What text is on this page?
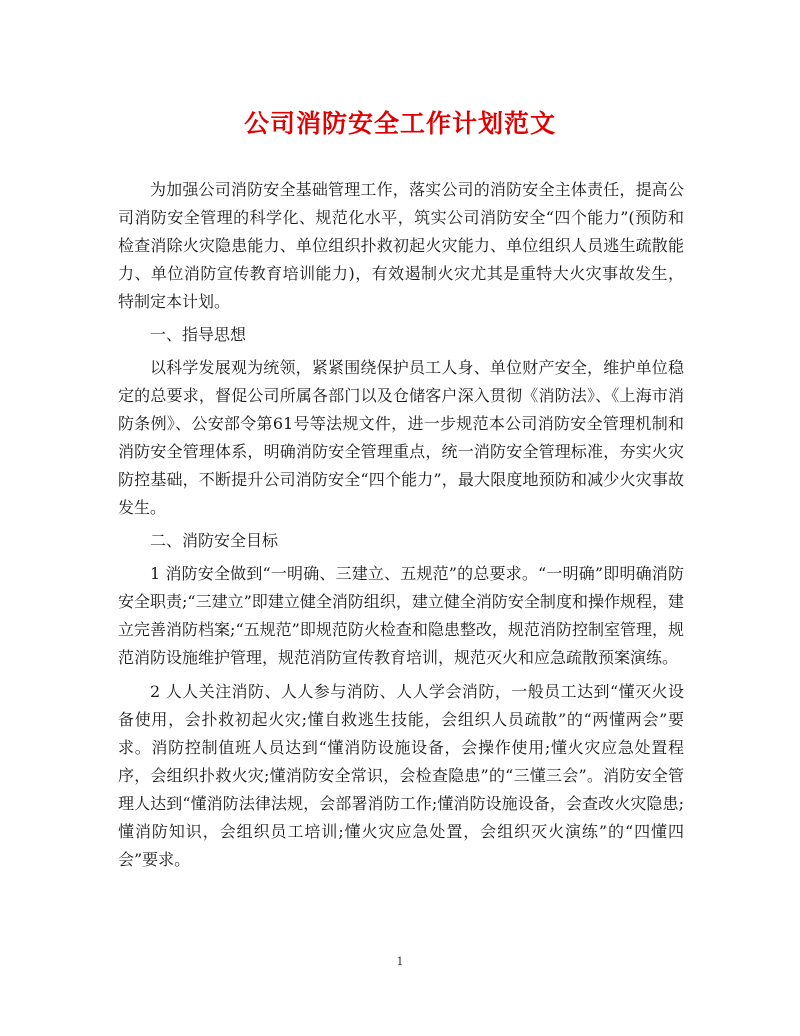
公司消防安全工作计划范文

为加强公司消防安全基础管理工作，落实公司的消防安全主体责任，提高公司消防安全管理的科学化、规范化水平，筑实公司消防安全“四个能力”(预防和检查消除火灾隐患能力、单位组织扑救初起火灾能力、单位组织人员逃生疏散能力、单位消防宣传教育培训能力)，有效遏制火灾尤其是重特大火灾事故发生，特制定本计划。

一、指导思想

以科学发展观为统领，紧紧围绕保护员工人身、单位财产安全，维护单位稳定的总要求，督促公司所属各部门以及仓储客户深入贯彻《消防法》、《上海市消防条例》、公安部令第61号等法规文件，进一步规范本公司消防安全管理机制和消防安全管理体系，明确消防安全管理重点，统一消防安全管理标准，夯实火灾防控基础，不断提升公司消防安全“四个能力”，最大限度地预防和减少火灾事故发生。

二、消防安全目标

1 消防安全做到“一明确、三建立、五规范”的总要求。“一明确”即明确消防安全职责;“三建立”即建立健全消防组织，建立健全消防安全制度和操作规程，建立完善消防档案;“五规范”即规范防火检查和隐患整改，规范消防控制室管理，规范消防设施维护管理，规范消防宣传教育培训，规范灭火和应急疏散预案演练。

2 人人关注消防、人人参与消防、人人学会消防，一般员工达到“懂灭火设备使用，会扑救初起火灾;懂自救逃生技能，会组织人员疏散”的“两懂两会”要求。消防控制值班人员达到“懂消防设施设备，会操作使用;懂火灾应急处置程序，会组织扑救火灾;懂消防安全常识，会检查隐患”的“三懂三会”。消防安全管理人达到“懂消防法律法规，会部署消防工作;懂消防设施设备，会查改火灾隐患;懂消防知识，会组织员工培训;懂火灾应急处置，会组织灭火演练”的“四懂四会”要求。

1
